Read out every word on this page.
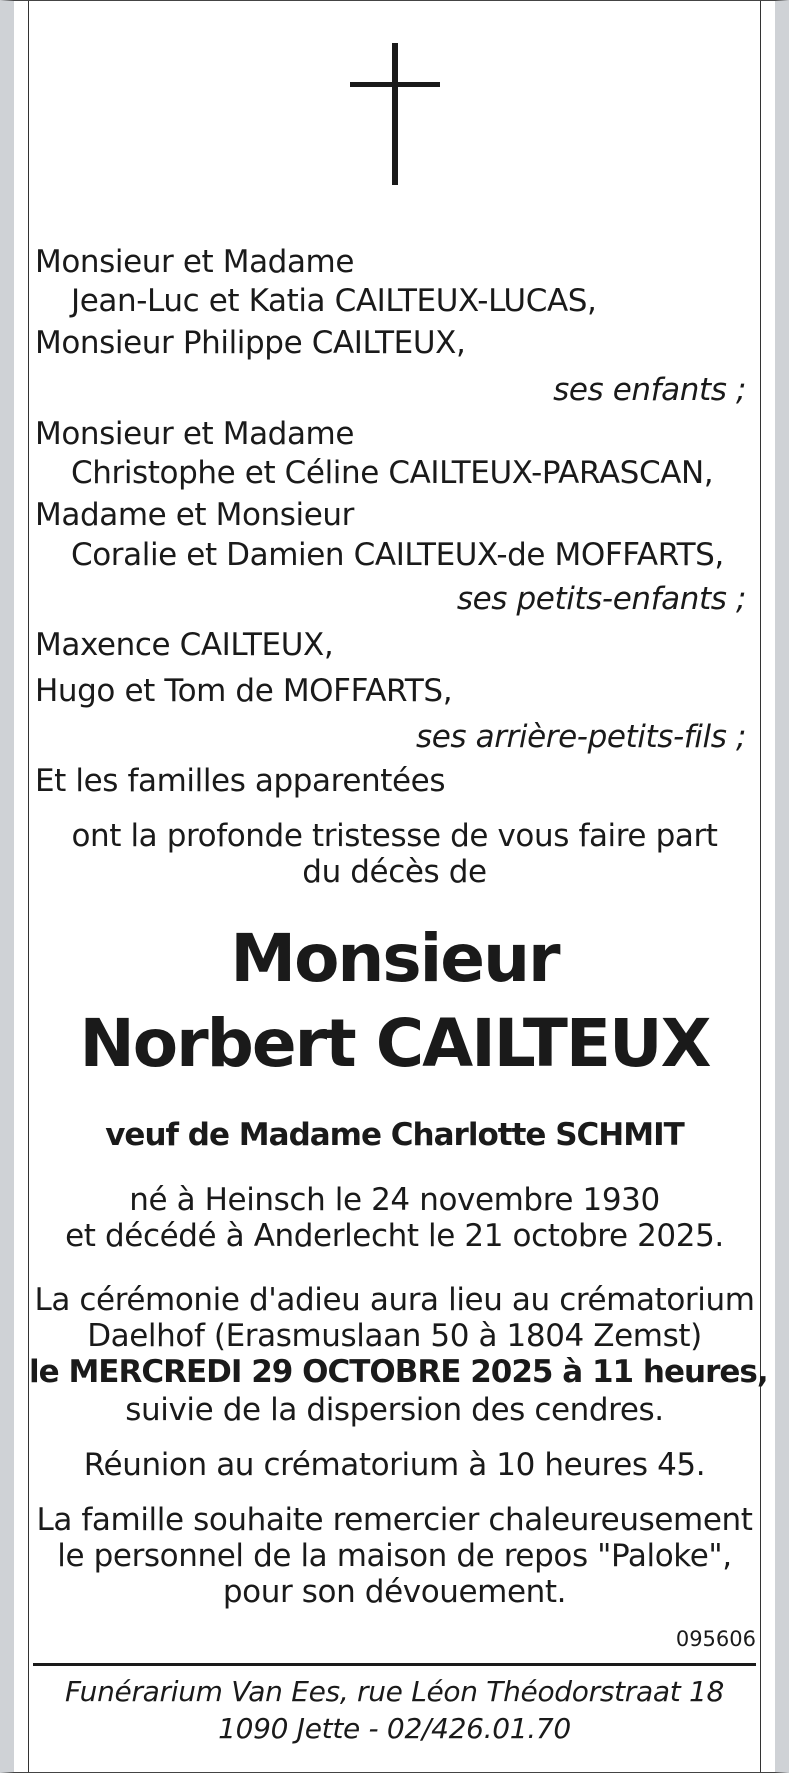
Monsieur et Madame
Jean-Luc et Katia CAILTEUX-LUCAS,
Monsieur Philippe CAILTEUX,
ses enfants ;
Monsieur et Madame
Christophe et Céline CAILTEUX-PARASCAN,
Madame et Monsieur
Coralie et Damien CAILTEUX-de MOFFARTS,
ses petits-enfants ;
Maxence CAILTEUX,
Hugo et Tom de MOFFARTS,
ses arrière-petits-fils ;
Et les familles apparentées
ont la profonde tristesse de vous faire part
du décès de
Monsieur
Norbert CAILTEUX
veuf de Madame Charlotte SCHMIT
né à Heinsch le 24 novembre 1930
et décédé à Anderlecht le 21 octobre 2025.
La cérémonie d'adieu aura lieu au crématorium
Daelhof (Erasmuslaan 50 à 1804 Zemst)
le MERCREDI 29 OCTOBRE 2025 à 11 heures,
suivie de la dispersion des cendres.
Réunion au crématorium à 10 heures 45.
La famille souhaite remercier chaleureusement
le personnel de la maison de repos "Paloke",
pour son dévouement.
095606
Funérarium Van Ees, rue Léon Théodorstraat 18
1090 Jette - 02/426.01.70
